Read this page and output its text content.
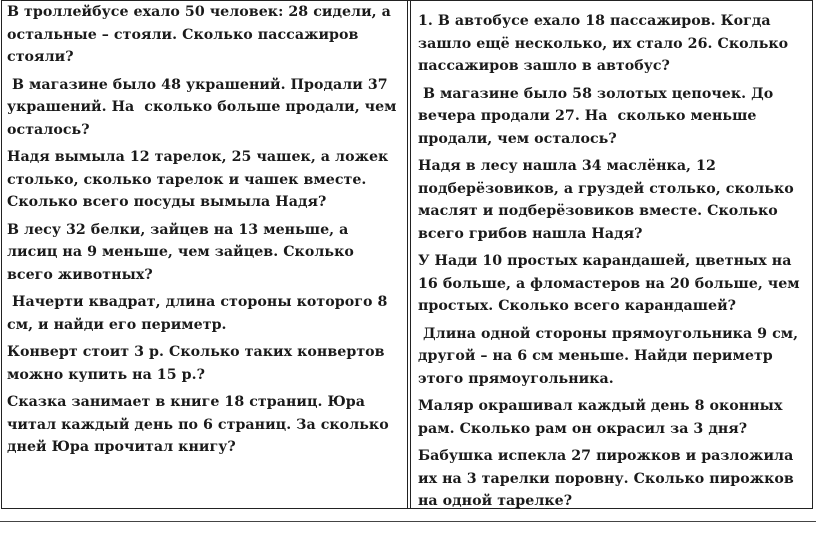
В троллейбусе ехало 50 человек: 28 сидели, а остальные – стояли. Сколько пассажиров стояли?

В магазине было 48 украшений. Продали 37 украшений. На  сколько больше продали, чем осталось?

Надя вымыла 12 тарелок, 25 чашек, а ложек столько, сколько тарелок и чашек вместе. Сколько всего посуды вымыла Надя?

В лесу 32 белки, зайцев на 13 меньше, а лисиц на 9 меньше, чем зайцев. Сколько всего животных?

Начерти квадрат, длина стороны которого 8 см, и найди его периметр.

Конверт стоит 3 р. Сколько таких конвертов можно купить на 15 р.?

Сказка занимает в книге 18 страниц. Юра читал каждый день по 6 страниц. За сколько дней Юра прочитал книгу?

1. В автобусе ехало 18 пассажиров. Когда зашло ещё несколько, их стало 26. Сколько пассажиров зашло в автобус?

В магазине было 58 золотых цепочек. До вечера продали 27. На  сколько меньше продали, чем осталось?

Надя в лесу нашла 34 маслёнка, 12 подберёзовиков, а груздей столько, сколько маслят и подберёзовиков вместе. Сколько всего грибов нашла Надя?

У Нади 10 простых карандашей, цветных на 16 больше, а фломастеров на 20 больше, чем простых. Сколько всего карандашей?

Длина одной стороны прямоугольника 9 см, другой – на 6 см меньше. Найди периметр этого прямоугольника.

Маляр окрашивал каждый день 8 оконных рам. Сколько рам он окрасил за 3 дня?

Бабушка испекла 27 пирожков и разложила их на 3 тарелки поровну. Сколько пирожков на одной тарелке?
